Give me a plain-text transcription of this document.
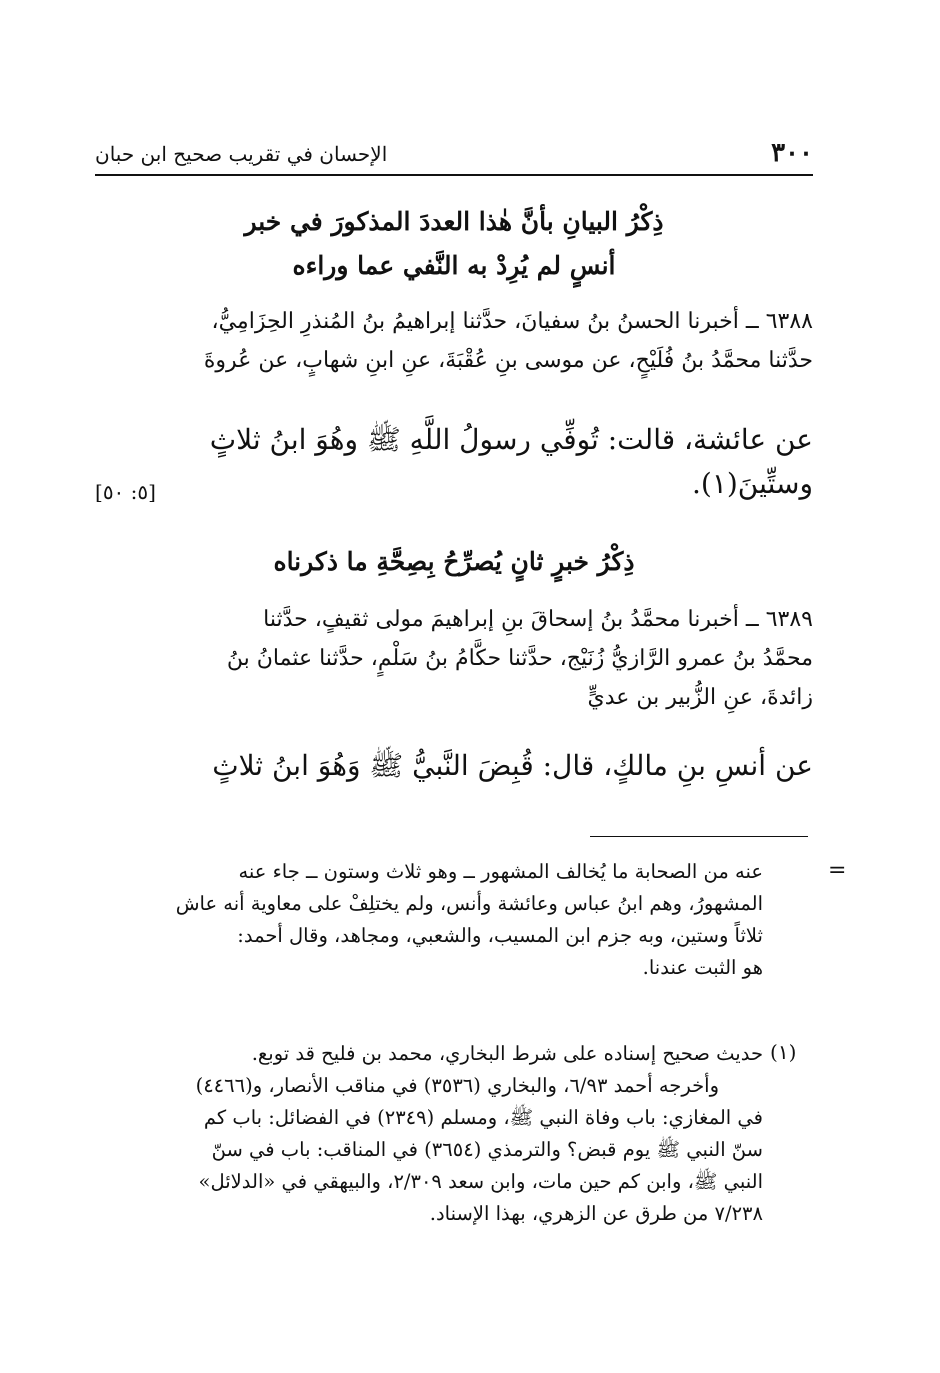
٣٠٠
الإحسان في تقريب صحيح ابن حبان
ذِكْرُ البيانِ بأنَّ هٰذا العددَ المذكورَ في خبر
أنسٍ لم يُرِدْ به النَّفي عما وراءه
٦٣٨٨ ــ أخبرنا الحسنُ بنُ سفيانَ، حدَّثنا إبراهيمُ بنُ المُنذرِ الحِزَامِيُّ،
حدَّثنا محمَّدُ بنُ فُلَيْحٍ، عن موسى بنِ عُقْبَةَ، عنِ ابنِ شهابٍ، عن عُروةَ
عن عائشة، قالت: تُوفِّي رسولُ اللَّهِ ﷺ وهُوَ ابنُ ثلاثٍ وستِّينَ(١).
[٥: ٥٠]
ذِكْرُ خبرٍ ثانٍ يُصرِّحُ بِصِحَّةِ ما ذكرناه
٦٣٨٩ ــ أخبرنا محمَّدُ بنُ إسحاقَ بنِ إبراهيمَ مولى ثقيفٍ، حدَّثنا
محمَّدُ بنُ عمرو الرَّازيُّ زُنَيْج، حدَّثنا حكَّامُ بنُ سَلْمٍ، حدَّثنا عثمانُ بنُ
زائدةَ، عنِ الزُّبير بن عديٍّ
عن أنسِ بنِ مالكٍ، قال: قُبِضَ النَّبيُّ ﷺ وَهُوَ ابنُ ثلاثٍ
=
عنه من الصحابة ما يُخالف المشهور ــ وهو ثلاث وستون ــ جاء عنه
المشهورُ، وهم ابنُ عباس وعائشة وأنس، ولم يختلِفْ على معاوية أنه عاش
ثلاثاً وستين، وبه جزم ابن المسيب، والشعبي، ومجاهد، وقال أحمد:
هو الثبت عندنا.
(١)
حديث صحيح إسناده على شرط البخاري، محمد بن فليح قد توبع.
وأخرجه أحمد ٦/٩٣، والبخاري (٣٥٣٦) في مناقب الأنصار، و(٤٤٦٦)
في المغازي: باب وفاة النبي ﷺ، ومسلم (٢٣٤٩) في الفضائل: باب كم
سنّ النبي ﷺ يوم قبض؟ والترمذي (٣٦٥٤) في المناقب: باب في سنّ
النبي ﷺ، وابن كم حين مات، وابن سعد ٢/٣٠٩، والبيهقي في «الدلائل»
٧/٢٣٨ من طرق عن الزهري، بهذا الإسناد.
